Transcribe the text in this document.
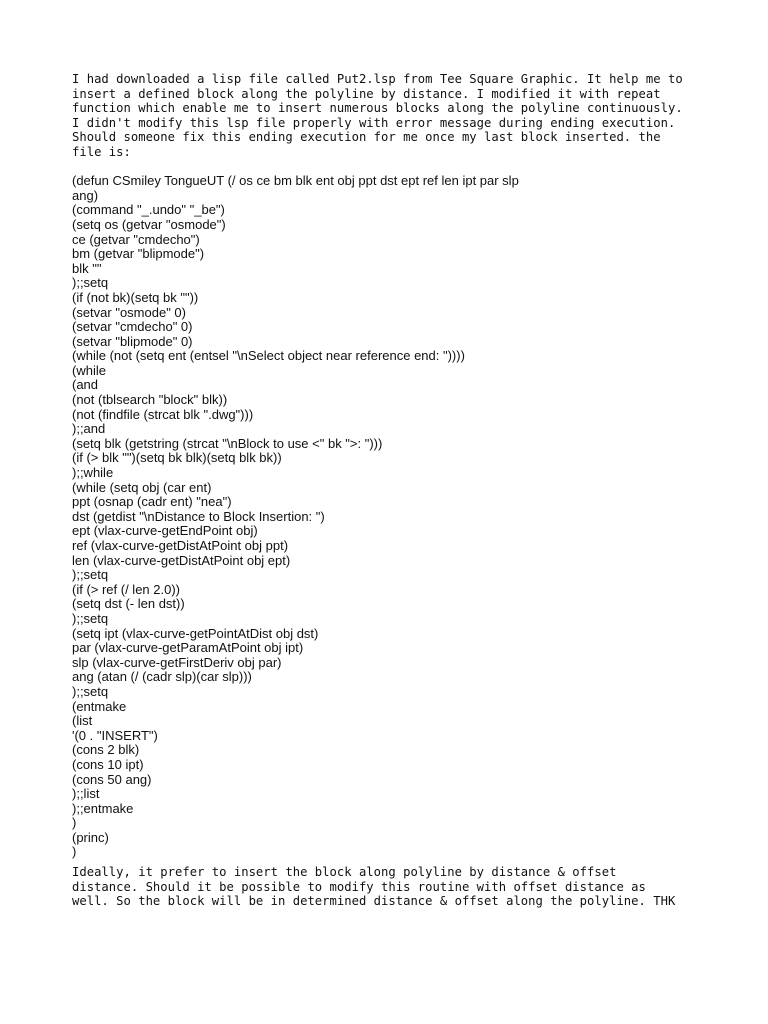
I had downloaded a lisp file called Put2.lsp from Tee Square Graphic. It help me to
insert a defined block along the polyline by distance. I modified it with repeat
function which enable me to insert numerous blocks along the polyline continuously.
I didn't modify this lsp file properly with error message during ending execution.
Should someone fix this ending execution for me once my last block inserted. the
file is:
(defun CSmiley TongueUT (/ os ce bm blk ent obj ppt dst ept ref len ipt par slp
ang)
(command "_.undo" "_be")
(setq os (getvar "osmode")
ce (getvar "cmdecho")
bm (getvar "blipmode")
blk ""
);;setq
(if (not bk)(setq bk ""))
(setvar "osmode" 0)
(setvar "cmdecho" 0)
(setvar "blipmode" 0)
(while (not (setq ent (entsel "\nSelect object near reference end: "))))
(while
(and
(not (tblsearch "block" blk))
(not (findfile (strcat blk ".dwg")))
);;and
(setq blk (getstring (strcat "\nBlock to use <" bk ">: ")))
(if (> blk "")(setq bk blk)(setq blk bk))
);;while
(while (setq obj (car ent)
ppt (osnap (cadr ent) "nea")
dst (getdist "\nDistance to Block Insertion: ")
ept (vlax-curve-getEndPoint obj)
ref (vlax-curve-getDistAtPoint obj ppt)
len (vlax-curve-getDistAtPoint obj ept)
);;setq
(if (> ref (/ len 2.0))
(setq dst (- len dst))
);;setq
(setq ipt (vlax-curve-getPointAtDist obj dst)
par (vlax-curve-getParamAtPoint obj ipt)
slp (vlax-curve-getFirstDeriv obj par)
ang (atan (/ (cadr slp)(car slp)))
);;setq
(entmake
(list
'(0 . "INSERT")
(cons 2 blk)
(cons 10 ipt)
(cons 50 ang)
);;list
);;entmake
)
(princ)
)
Ideally, it prefer to insert the block along polyline by distance & offset
distance. Should it be possible to modify this routine with offset distance as
well. So the block will be in determined distance & offset along the polyline. THK
